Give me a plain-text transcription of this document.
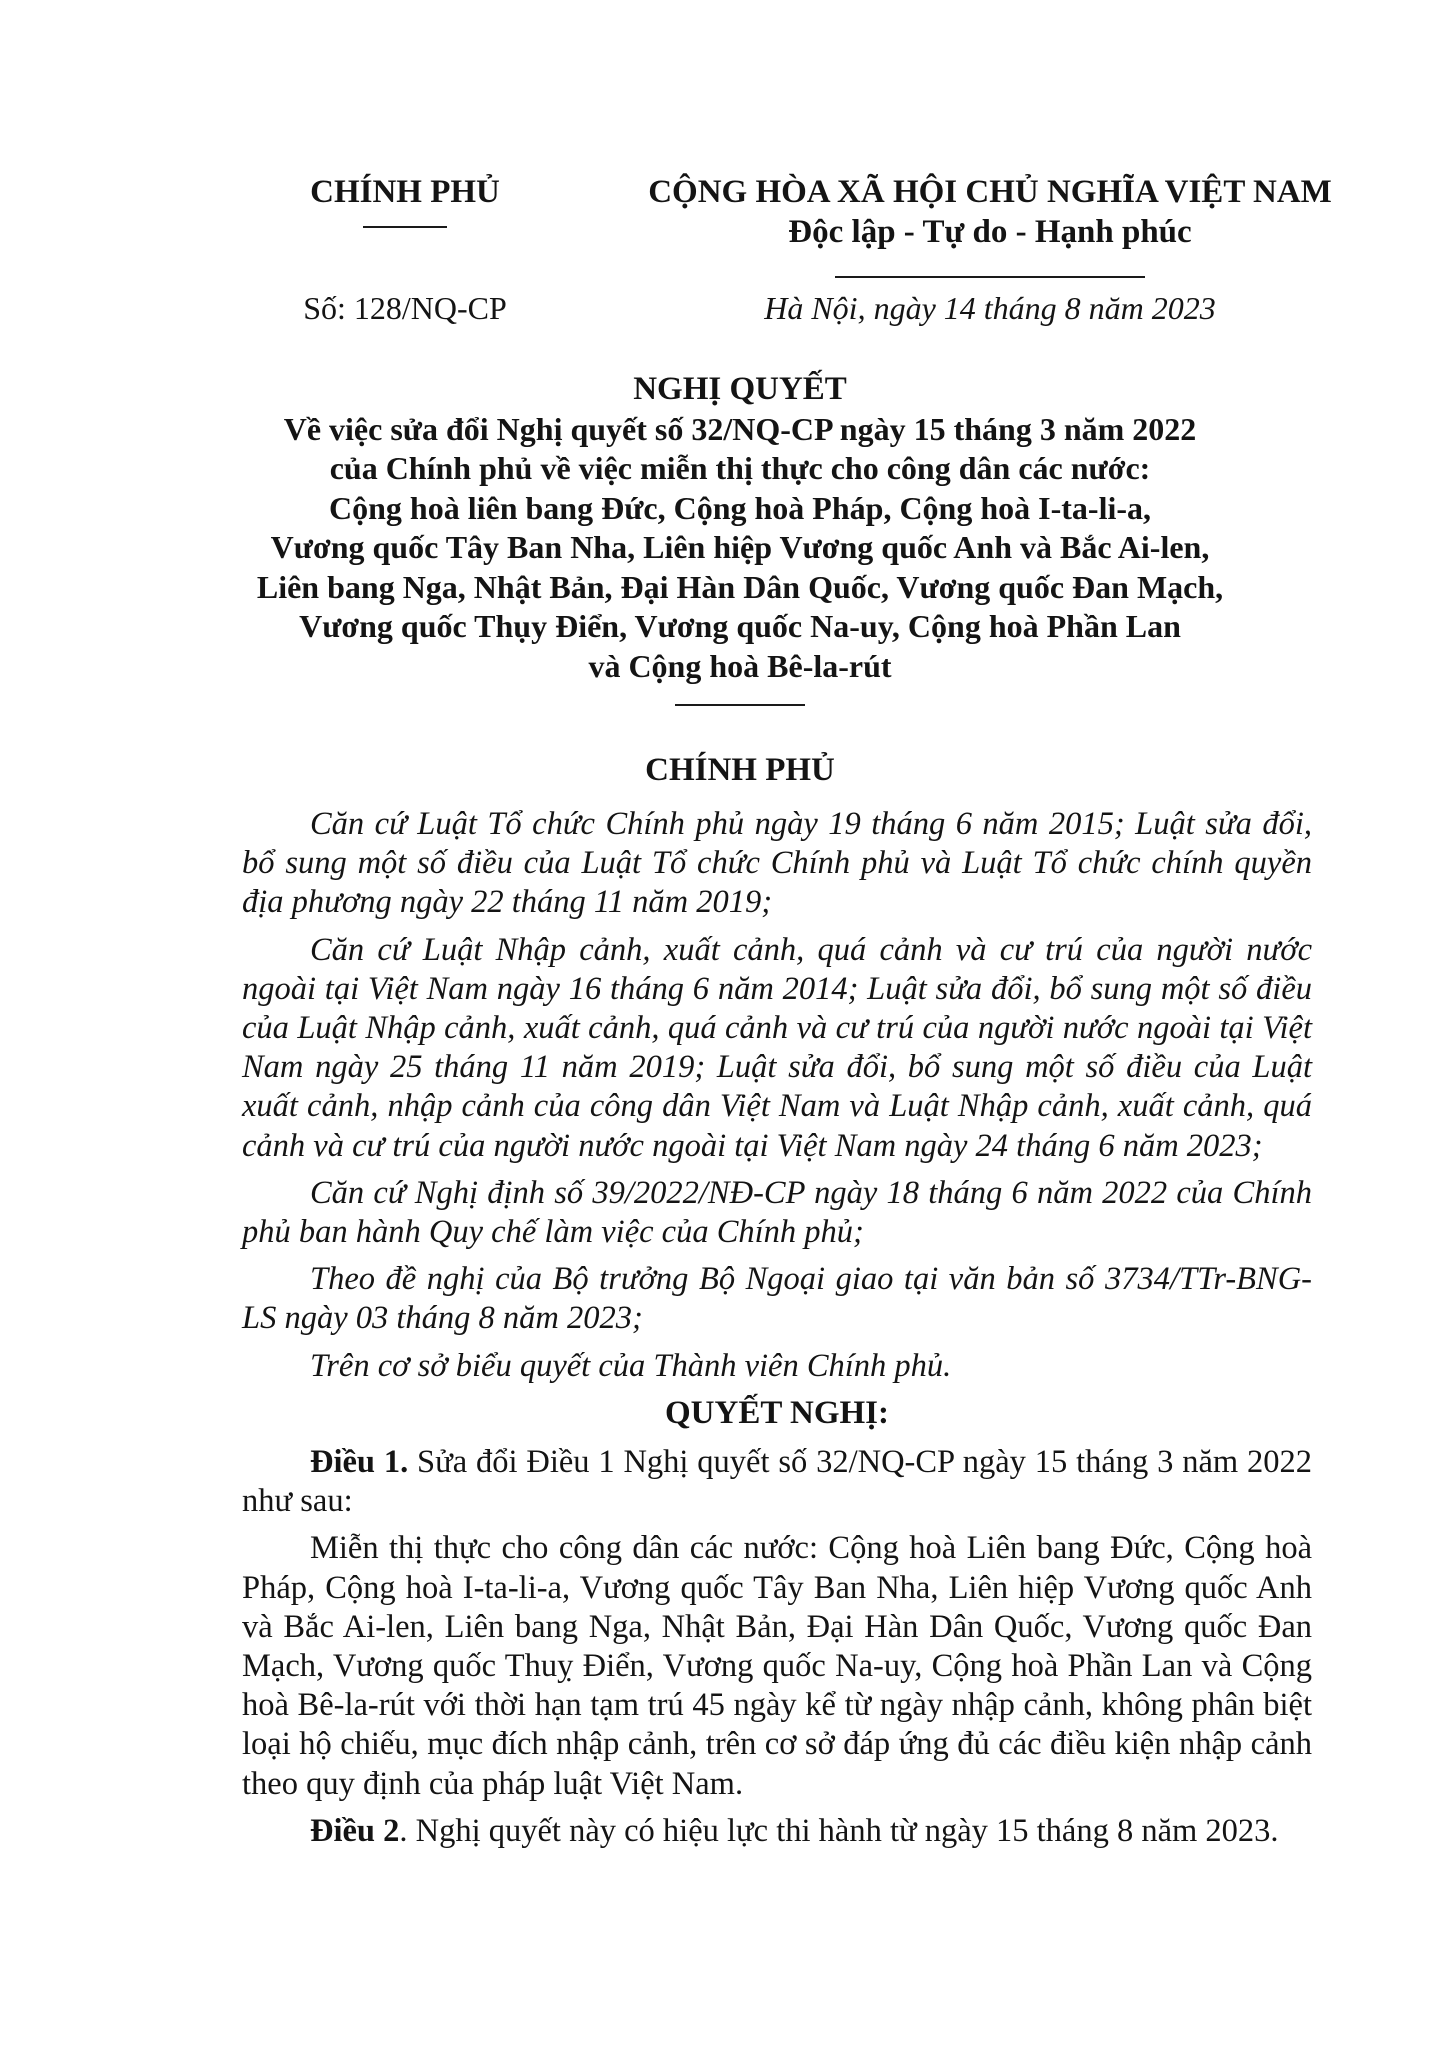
CHÍNH PHỦ	CỘNG HÒA XÃ HỘI CHỦ NGHĨA VIỆT NAM
Độc lập - Tự do - Hạnh phúc
Số: 128/NQ-CP	Hà Nội, ngày 14 tháng 8 năm 2023
NGHỊ QUYẾT
Về việc sửa đổi Nghị quyết số 32/NQ-CP ngày 15 tháng 3 năm 2022
của Chính phủ về việc miễn thị thực cho công dân các nước:
Cộng hoà liên bang Đức, Cộng hoà Pháp, Cộng hoà I-ta-li-a,
Vương quốc Tây Ban Nha, Liên hiệp Vương quốc Anh và Bắc Ai-len,
Liên bang Nga, Nhật Bản, Đại Hàn Dân Quốc, Vương quốc Đan Mạch,
Vương quốc Thụy Điển, Vương quốc Na-uy, Cộng hoà Phần Lan
và Cộng hoà Bê-la-rút
CHÍNH PHỦ

Căn cứ Luật Tổ chức Chính phủ ngày 19 tháng 6 năm 2015; Luật sửa đổi, bổ sung một số điều của Luật Tổ chức Chính phủ và Luật Tổ chức chính quyền địa phương ngày 22 tháng 11 năm 2019;

Căn cứ Luật Nhập cảnh, xuất cảnh, quá cảnh và cư trú của người nước ngoài tại Việt Nam ngày 16 tháng 6 năm 2014; Luật sửa đổi, bổ sung một số điều của Luật Nhập cảnh, xuất cảnh, quá cảnh và cư trú của người nước ngoài tại Việt Nam ngày 25 tháng 11 năm 2019; Luật sửa đổi, bổ sung một số điều của Luật xuất cảnh, nhập cảnh của công dân Việt Nam và Luật Nhập cảnh, xuất cảnh, quá cảnh và cư trú của người nước ngoài tại Việt Nam ngày 24 tháng 6 năm 2023;

Căn cứ Nghị định số 39/2022/NĐ-CP ngày 18 tháng 6 năm 2022 của Chính phủ ban hành Quy chế làm việc của Chính phủ;

Theo đề nghị của Bộ trưởng Bộ Ngoại giao tại văn bản số 3734/TTr-BNG-LS ngày 03 tháng 8 năm 2023;

Trên cơ sở biểu quyết của Thành viên Chính phủ.

QUYẾT NGHỊ:

Điều 1. Sửa đổi Điều 1 Nghị quyết số 32/NQ-CP ngày 15 tháng 3 năm 2022 như sau:

Miễn thị thực cho công dân các nước: Cộng hoà Liên bang Đức, Cộng hoà Pháp, Cộng hoà I-ta-li-a, Vương quốc Tây Ban Nha, Liên hiệp Vương quốc Anh và Bắc Ai-len, Liên bang Nga, Nhật Bản, Đại Hàn Dân Quốc, Vương quốc Đan Mạch, Vương quốc Thuỵ Điển, Vương quốc Na-uy, Cộng hoà Phần Lan và Cộng hoà Bê-la-rút với thời hạn tạm trú 45 ngày kể từ ngày nhập cảnh, không phân biệt loại hộ chiếu, mục đích nhập cảnh, trên cơ sở đáp ứng đủ các điều kiện nhập cảnh theo quy định của pháp luật Việt Nam.

Điều 2. Nghị quyết này có hiệu lực thi hành từ ngày 15 tháng 8 năm 2023.
